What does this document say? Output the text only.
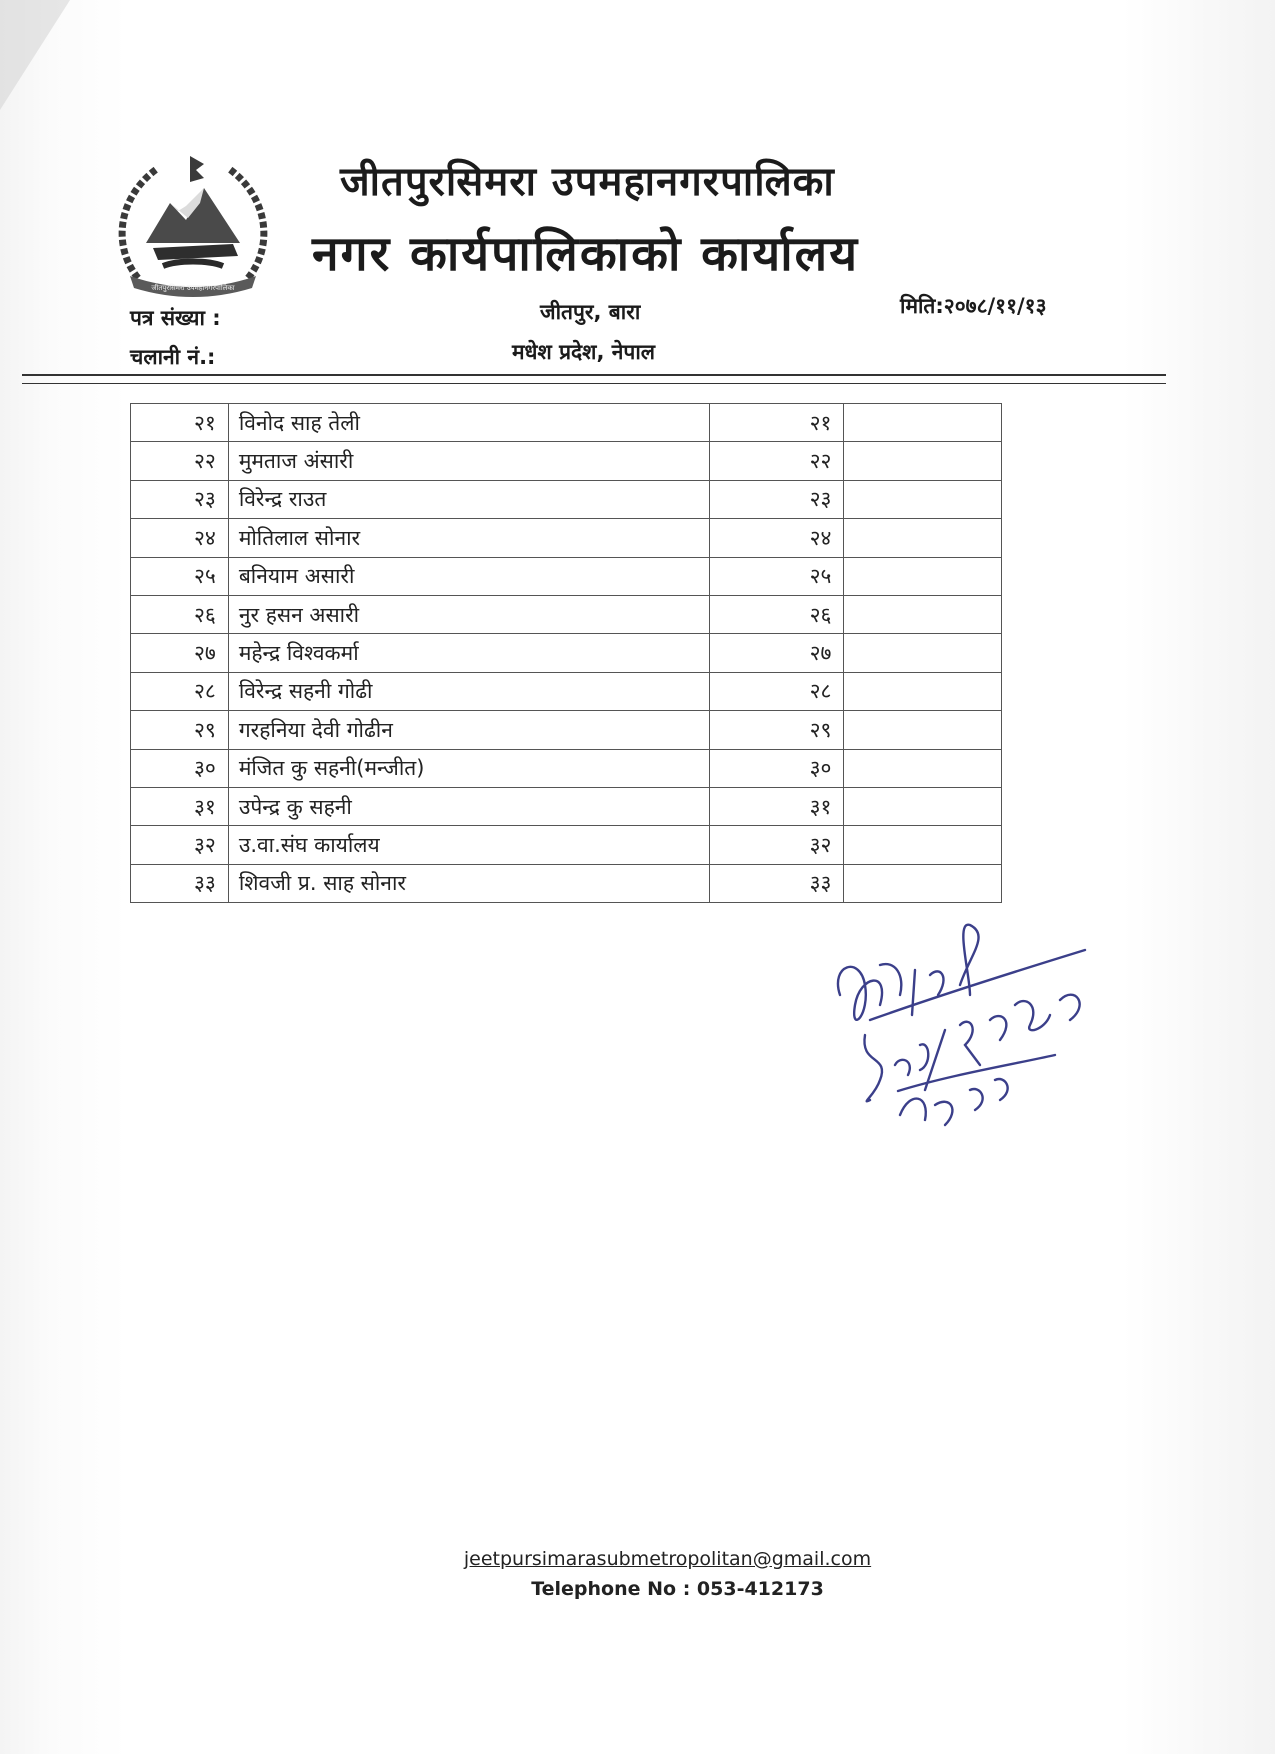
जीतपुरसिमरा उपमहानगरपालिका
जीतपुरसिमरा उपमहानगरपालिका
नगर कार्यपालिकाको कार्यालय
पत्र संख्या :
चलानी नं.:
जीतपुर, बारा
मधेश प्रदेश, नेपाल
मिति:२०७८/११/१३
२१	विनोद साह तेली	२१	
२२	मुमताज अंसारी	२२	
२३	विरेन्द्र राउत	२३	
२४	मोतिलाल सोनार	२४	
२५	बनियाम असारी	२५	
२६	नुर हसन असारी	२६	
२७	महेन्द्र विश्वकर्मा	२७	
२८	विरेन्द्र सहनी गोढी	२८	
२९	गरहनिया देवी गोढीन	२९	
३०	मंजित कु सहनी(मन्जीत)	३०	
३१	उपेन्द्र कु सहनी	३१	
३२	उ.वा.संघ कार्यालय	३२	
३३	शिवजी प्र. साह सोनार	३३	
jeetpursimarasubmetropolitan@gmail.com
Telephone No : 053-412173
